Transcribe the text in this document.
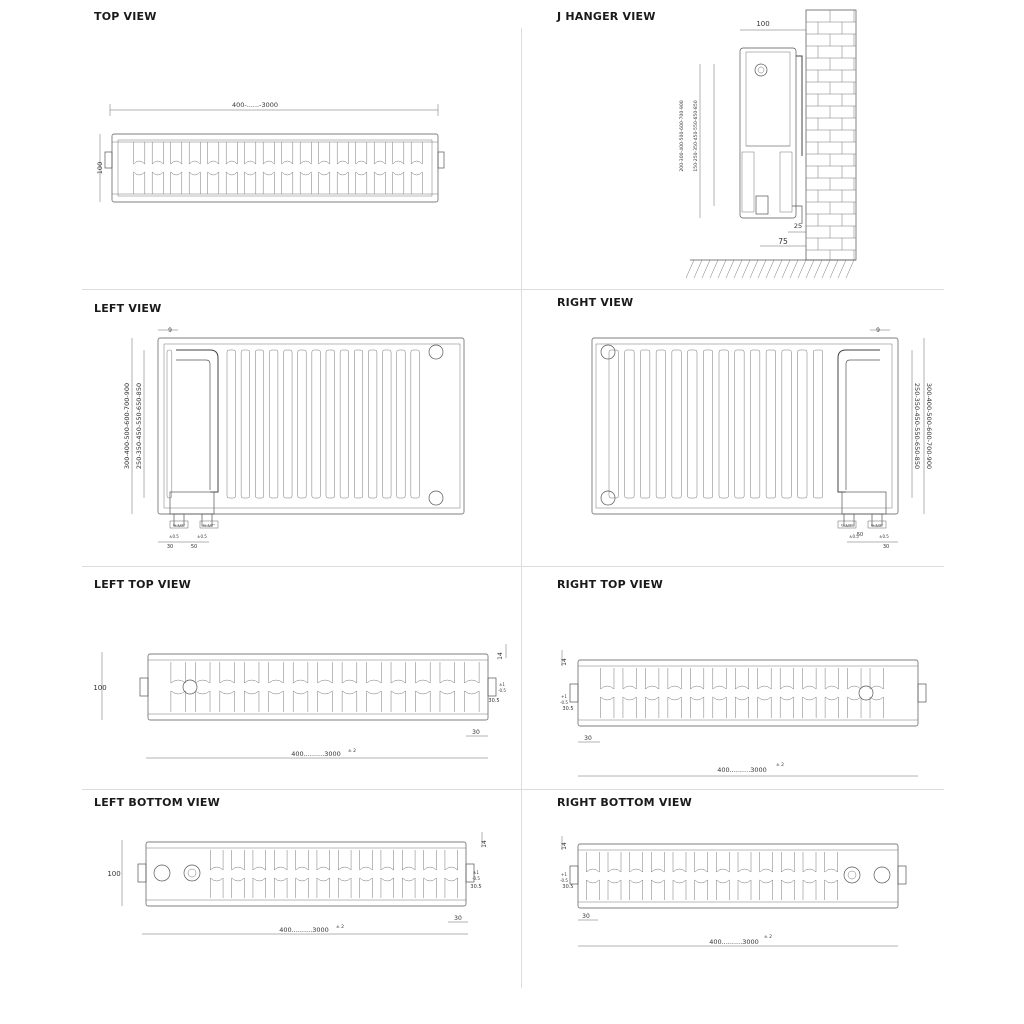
TOP VIEW
400-......-3000
100
J HANGER VIEW
100
200-300-400-500-600-700-900 150-250-350-450-550-650-850
25
75
LEFT VIEW
9
300-400-500-600-700-900 250-350-450-550-650-850
G 1/2"	G 1/2"
±0.5	±0.5
30	50
RIGHT VIEW
9
300-400-500-600-700-900
250-350-450-550-650-850
G 1/2"	G 1/2"
±0.5	±0.5
50
30
LEFT TOP VIEW
100
14
±1
-0.5
30.5
30
400..........3000 ± 2
RIGHT TOP VIEW
14
+1
-0.5
30.5
30
400..........3000
± 2
LEFT BOTTOM VIEW
100
14
±1
-0.5
30.5
30
400..........3000 ± 2
RIGHT BOTTOM VIEW
14
+1
-0.5
30.5
30
400..........3000
± 2
